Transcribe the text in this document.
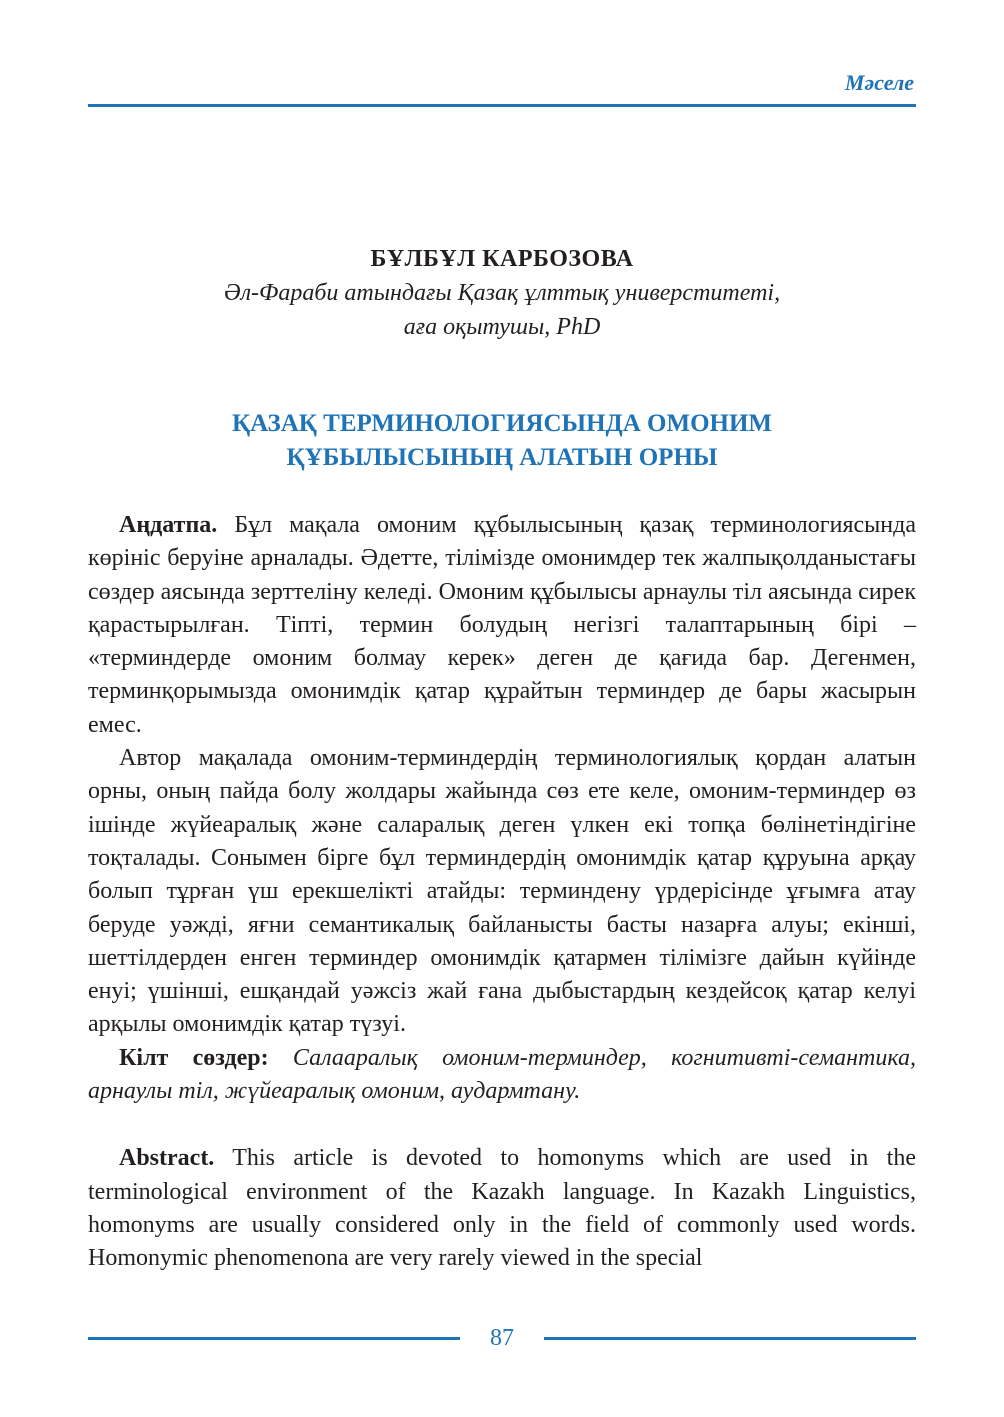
Мәселе
БҰЛБҰЛ КАРБОЗОВА
Әл-Фараби атындағы Қазақ ұлттық универститеті,
аға оқытушы, PhD
ҚАЗАҚ ТЕРМИНОЛОГИЯСЫНДА ОМОНИМ
ҚҰБЫЛЫСЫНЫҢ АЛАТЫН ОРНЫ

Аңдатпа. Бұл мақала омоним құбылысының қазақ терминологиясында көрініс беруіне арналады. Әдетте, тілімізде омонимдер тек жалпықолданыстағы сөздер аясында зерттеліну келеді. Омоним құбылысы арнаулы тіл аясында сирек қарастырылған. Тіпті, термин болудың негізгі талаптарының бірі – «терминдерде омоним болмау керек» деген де қағида бар. Дегенмен, терминқорымызда омонимдік қатар құрайтын терминдер де бары жасырын емес.

Автор мақалада омоним-терминдердің терминологиялық қордан алатын орны, оның пайда болу жолдары жайында сөз ете келе, омоним-терминдер өз ішінде жүйеаралық және саларалық деген үлкен екі топқа бөлінетіндігіне тоқталады. Сонымен бірге бұл терминдердің омонимдік қатар құруына арқау болып тұрған үш ерекшелікті атайды: терминдену үрдерісінде ұғымға атау беруде уәжді, яғни семантикалық байланысты басты назарға алуы; екінші, шеттілдерден енген терминдер омонимдік қатармен тілімізге дайын күйінде енуі; үшінші, ешқандай уәжсіз жай ғана дыбыстардың кездейсоқ қатар келуі арқылы омонимдік қатар түзуі.

Кілт сөздер: Салааралық омоним-терминдер, когнитивті-семантика, арнаулы тіл, жүйеаралық омоним, аудармтану.

Abstract. This article is devoted to homonyms which are used in the terminological environment of the Kazakh language. In Kazakh Linguistics, homonyms are usually considered only in the field of commonly used words. Homonymic phenomenona are very rarely viewed in the special

87
